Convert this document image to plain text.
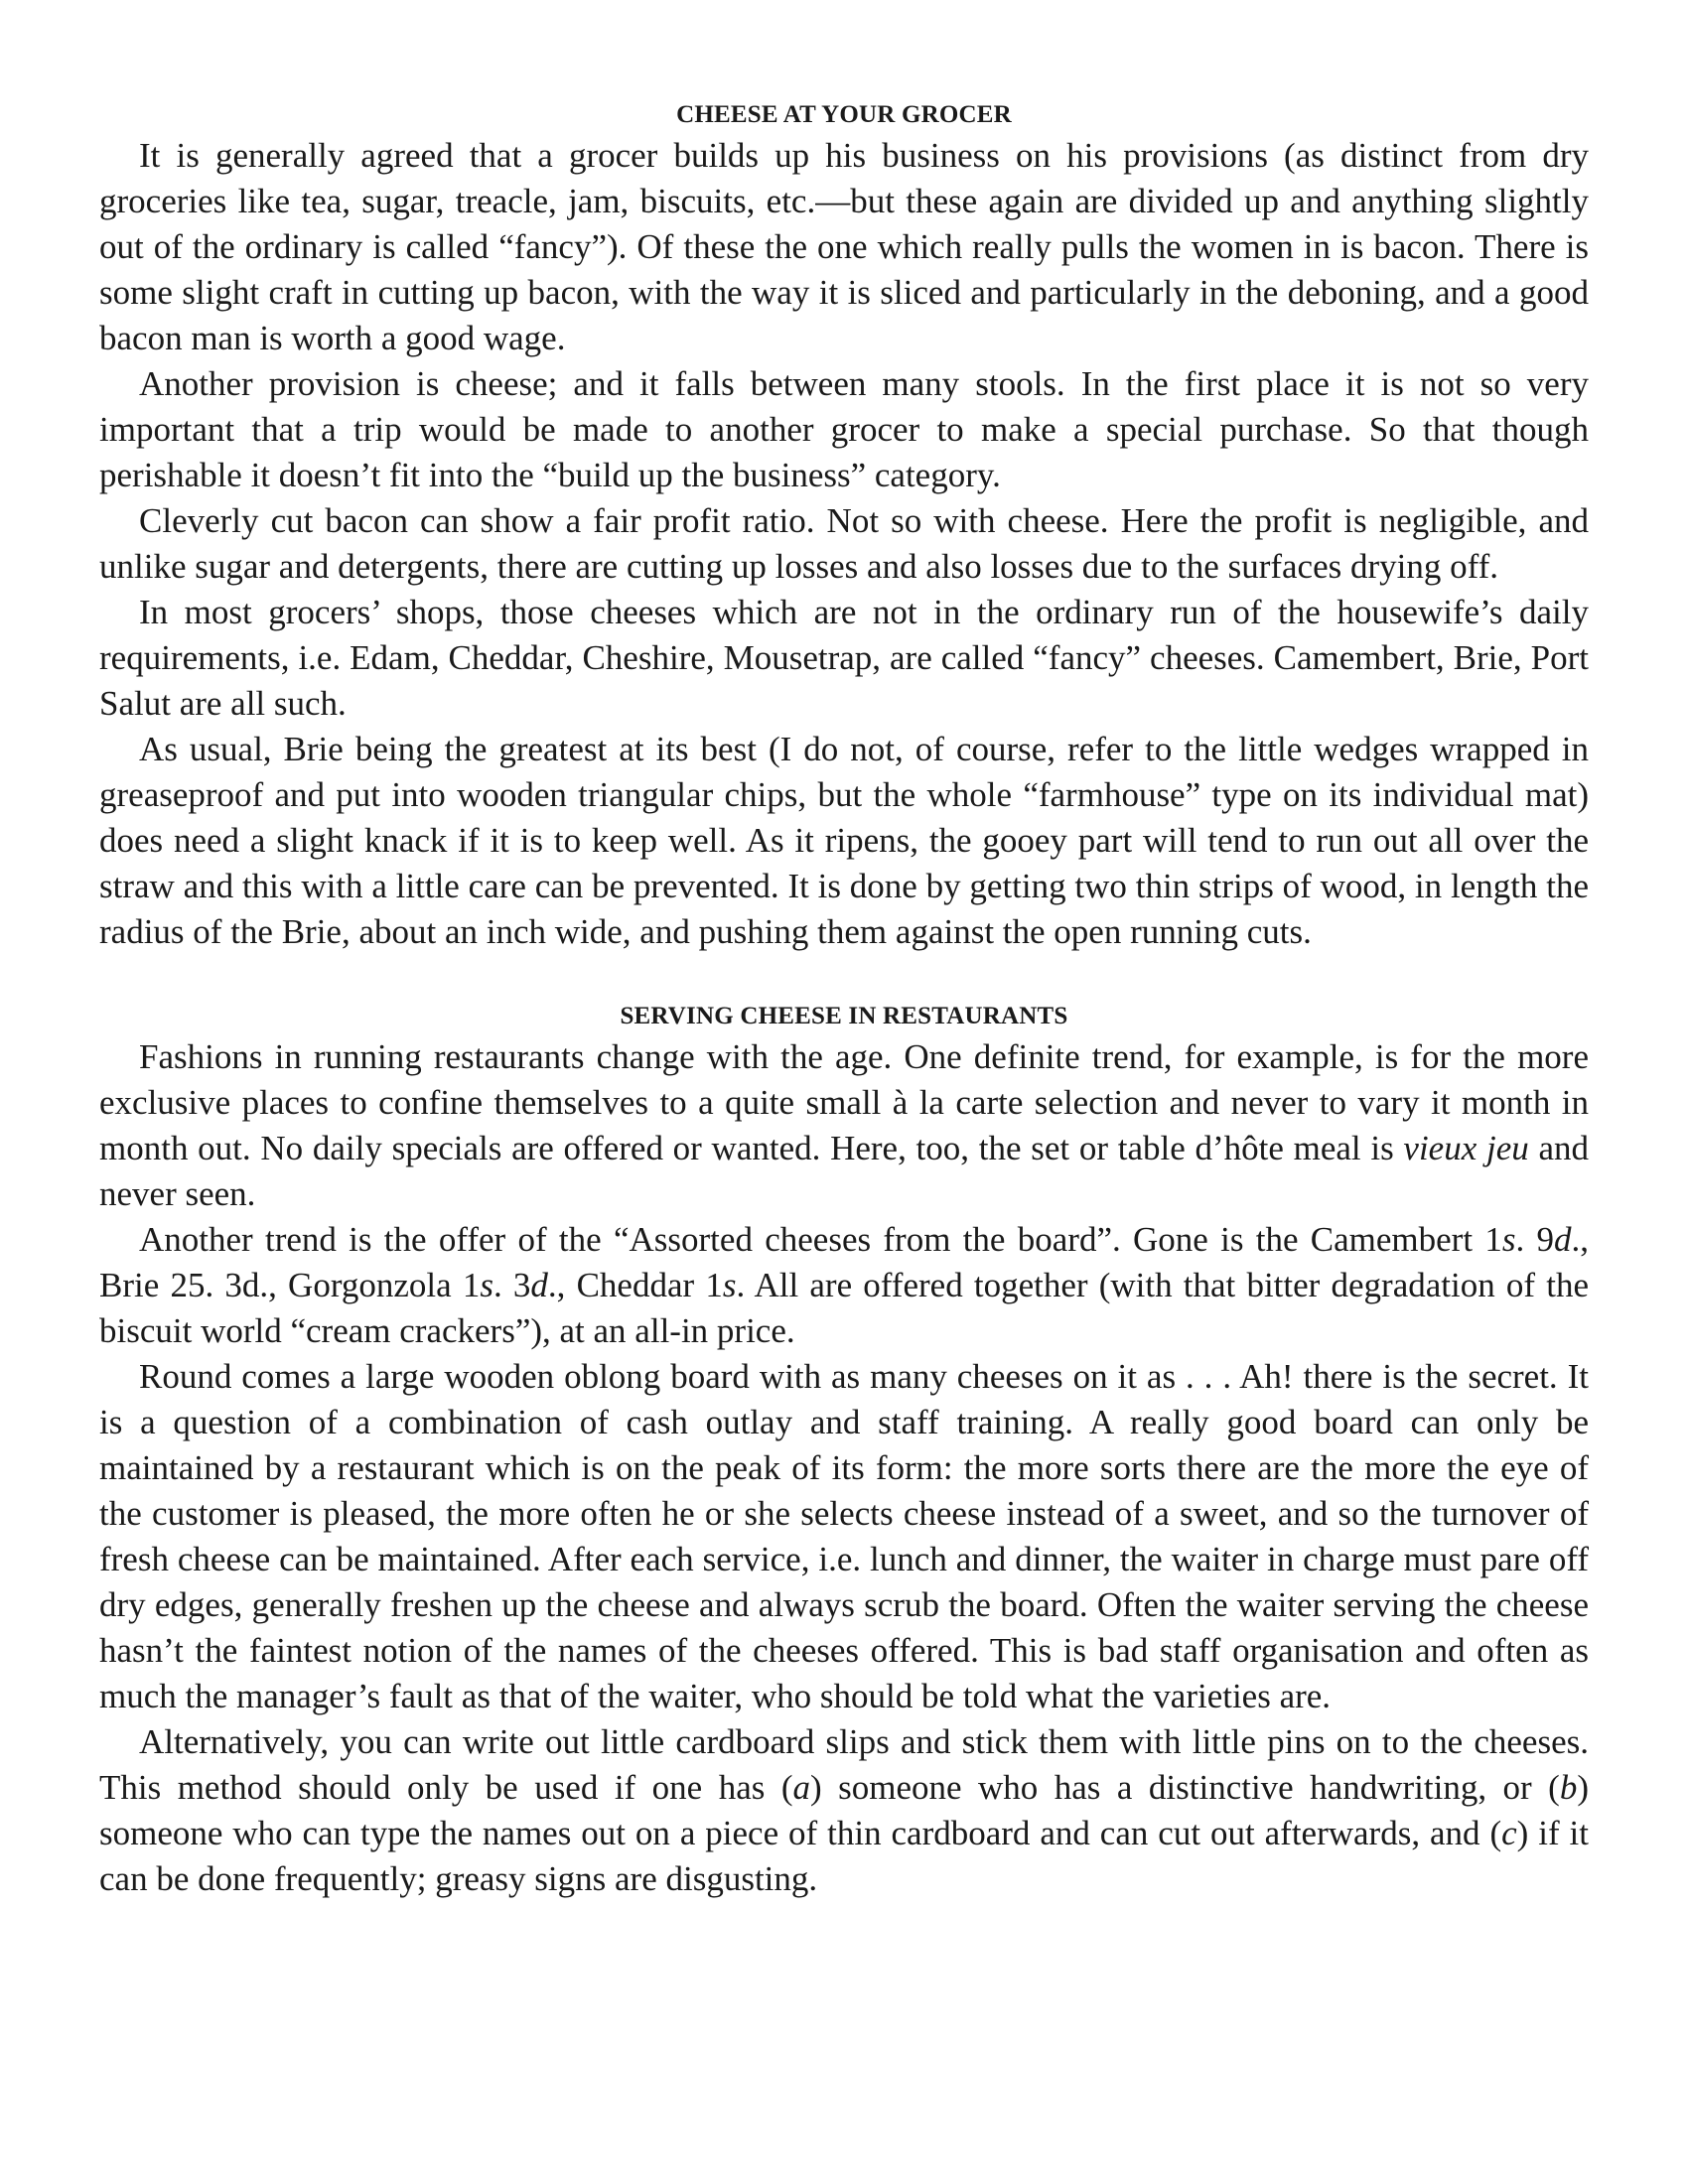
CHEESE AT YOUR GROCER

It is generally agreed that a grocer builds up his business on his provisions (as distinct from dry groceries like tea, sugar, treacle, jam, biscuits, etc.—but these again are divided up and anything slightly out of the ordinary is called “fancy”). Of these the one which really pulls the women in is bacon. There is some slight craft in cutting up bacon, with the way it is sliced and particularly in the deboning, and a good bacon man is worth a good wage.

Another provision is cheese; and it falls between many stools. In the first place it is not so very important that a trip would be made to another grocer to make a special purchase. So that though perishable it doesn’t fit into the “build up the business” category.

Cleverly cut bacon can show a fair profit ratio. Not so with cheese. Here the profit is negligible, and unlike sugar and detergents, there are cutting up losses and also losses due to the surfaces drying off.

In most grocers’ shops, those cheeses which are not in the ordinary run of the housewife’s daily requirements, i.e. Edam, Cheddar, Cheshire, Mousetrap, are called “fancy” cheeses. Camembert, Brie, Port Salut are all such.

As usual, Brie being the greatest at its best (I do not, of course, refer to the little wedges wrapped in greaseproof and put into wooden triangular chips, but the whole “farmhouse” type on its individual mat) does need a slight knack if it is to keep well. As it ripens, the gooey part will tend to run out all over the straw and this with a little care can be prevented. It is done by getting two thin strips of wood, in length the radius of the Brie, about an inch wide, and pushing them against the open running cuts.

SERVING CHEESE IN RESTAURANTS

Fashions in running restaurants change with the age. One definite trend, for example, is for the more exclusive places to confine themselves to a quite small à la carte selection and never to vary it month in month out. No daily specials are offered or wanted. Here, too, the set or table d’hôte meal is vieux jeu and never seen.

Another trend is the offer of the “Assorted cheeses from the board”. Gone is the Camembert 1s. 9d., Brie 25. 3d., Gorgonzola 1s. 3d., Cheddar 1s. All are offered together (with that bitter degradation of the biscuit world “cream crackers”), at an all-in price.

Round comes a large wooden oblong board with as many cheeses on it as . . . Ah! there is the secret. It is a question of a combination of cash outlay and staff training. A really good board can only be maintained by a restaurant which is on the peak of its form: the more sorts there are the more the eye of the customer is pleased, the more often he or she selects cheese instead of a sweet, and so the turnover of fresh cheese can be maintained. After each service, i.e. lunch and dinner, the waiter in charge must pare off dry edges, generally freshen up the cheese and always scrub the board. Often the waiter serving the cheese hasn’t the faintest notion of the names of the cheeses offered. This is bad staff organisation and often as much the manager’s fault as that of the waiter, who should be told what the varieties are.

Alternatively, you can write out little cardboard slips and stick them with little pins on to the cheeses. This method should only be used if one has (a) someone who has a distinctive handwriting, or (b) someone who can type the names out on a piece of thin cardboard and can cut out afterwards, and (c) if it can be done frequently; greasy signs are disgusting.
